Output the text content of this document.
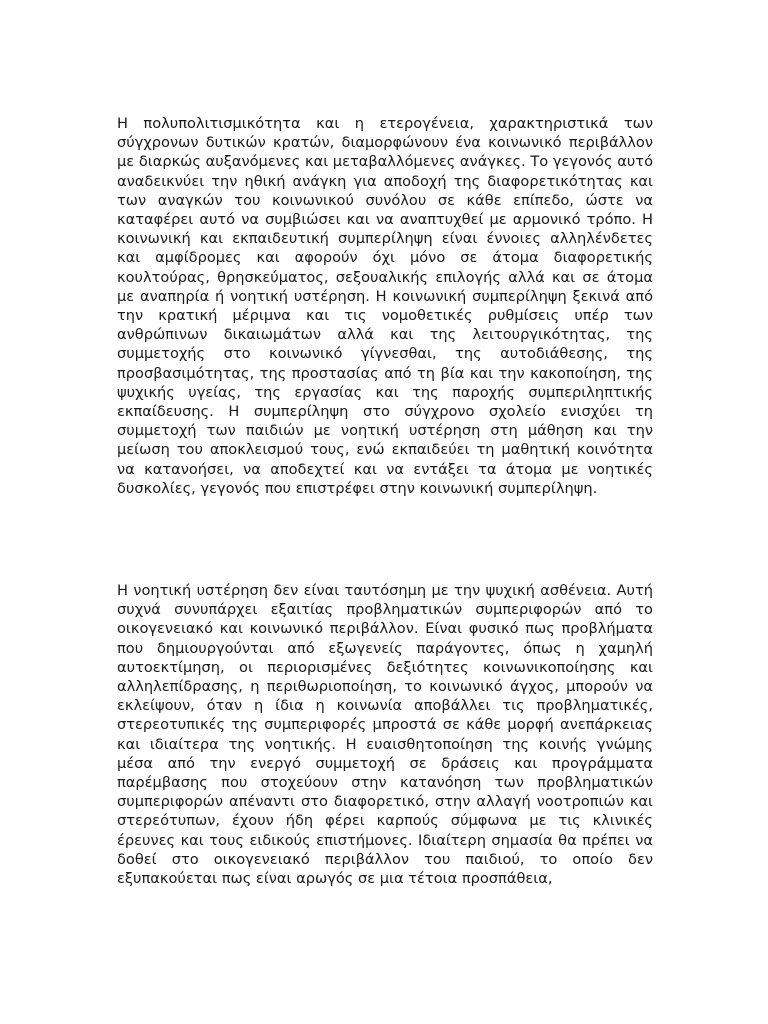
Η πολυπολιτισμικότητα και η ετερογένεια, χαρακτηριστικά των σύγχρονων δυτικών κρατών, διαμορφώνουν ένα κοινωνικό περιβάλλον με διαρκώς αυξανόμενες και μεταβαλλόμενες ανάγκες. Το γεγονός αυτό αναδεικνύει την ηθική ανάγκη για αποδοχή της διαφορετικότητας και των αναγκών του κοινωνικού συνόλου σε κάθε επίπεδο, ώστε να καταφέρει αυτό να συμβιώσει και να αναπτυχθεί με αρμονικό τρόπο. Η κοινωνική και εκπαιδευτική συμπερίληψη είναι έννοιες αλληλένδετες και αμφίδρομες και αφορούν όχι μόνο σε άτομα διαφορετικής κουλτούρας, θρησκεύματος, σεξουαλικής επιλογής αλλά και σε άτομα με αναπηρία ή νοητική υστέρηση. Η κοινωνική συμπερίληψη ξεκινά από την κρατική μέριμνα και τις νομοθετικές ρυθμίσεις υπέρ των ανθρώπινων δικαιωμάτων αλλά και της λειτουργικότητας, της συμμετοχής στο κοινωνικό γίγνεσθαι, της αυτοδιάθεσης, της προσβασιμότητας, της προστασίας από τη βία και την κακοποίηση, της ψυχικής υγείας, της εργασίας και της παροχής συμπεριληπτικής εκπαίδευσης. Η συμπερίληψη στο σύγχρονο σχολείο ενισχύει τη συμμετοχή των παιδιών με νοητική υστέρηση στη μάθηση και την μείωση του αποκλεισμού τους, ενώ εκπαιδεύει τη μαθητική κοινότητα να κατανοήσει, να αποδεχτεί και να εντάξει τα άτομα με νοητικές δυσκολίες, γεγονός που επιστρέφει στην κοινωνική συμπερίληψη.

Η νοητική υστέρηση δεν είναι ταυτόσημη με την ψυχική ασθένεια. Αυτή συχνά συνυπάρχει εξαιτίας προβληματικών συμπεριφορών από το οικογενειακό και κοινωνικό περιβάλλον. Είναι φυσικό πως προβλήματα που δημιουργούνται από εξωγενείς παράγοντες, όπως η χαμηλή αυτοεκτίμηση, οι περιορισμένες δεξιότητες κοινωνικοποίησης και αλληλεπίδρασης, η περιθωριοποίηση, το κοινωνικό άγχος, μπορούν να εκλείψουν, όταν η ίδια η κοινωνία αποβάλλει τις προβληματικές, στερεοτυπικές της συμπεριφορές μπροστά σε κάθε μορφή ανεπάρκειας και ιδιαίτερα της νοητικής. Η ευαισθητοποίηση της κοινής γνώμης μέσα από την ενεργό συμμετοχή σε δράσεις και προγράμματα παρέμβασης που στοχεύουν στην κατανόηση των προβληματικών συμπεριφορών απέναντι στο διαφορετικό, στην αλλαγή νοοτροπιών και στερεότυπων, έχουν ήδη φέρει καρπούς σύμφωνα με τις κλινικές έρευνες και τους ειδικούς επιστήμονες. Ιδιαίτερη σημασία θα πρέπει να δοθεί στο οικογενειακό περιβάλλον του παιδιού, το οποίο δεν εξυπακούεται πως είναι αρωγός σε μια τέτοια προσπάθεια,
